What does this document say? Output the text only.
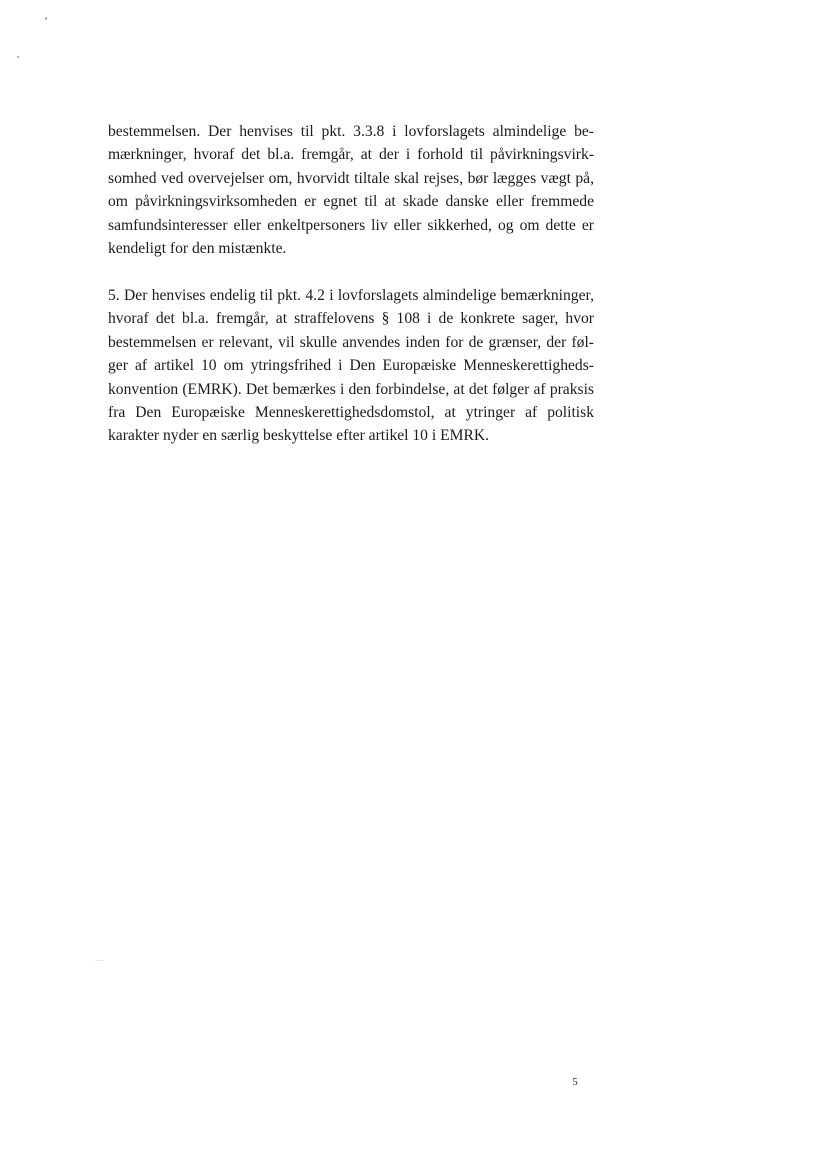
bestemmelsen. Der henvises til pkt. 3.3.8 i lovforslagets almindelige bemærkninger, hvoraf det bl.a. fremgår, at der i forhold til påvirkningsvirksomhed ved overvejelser om, hvorvidt tiltale skal rejses, bør lægges vægt på, om påvirkningsvirksomheden er egnet til at skade danske eller fremmede samfundsinteresser eller enkeltpersoners liv eller sikkerhed, og om dette er kendeligt for den mistænkte.

5. Der henvises endelig til pkt. 4.2 i lovforslagets almindelige bemærkninger, hvoraf det bl.a. fremgår, at straffelovens § 108 i de konkrete sager, hvor bestemmelsen er relevant, vil skulle anvendes inden for de grænser, der følger af artikel 10 om ytringsfrihed i Den Europæiske Menneskerettighedskonvention (EMRK). Det bemærkes i den forbindelse, at det følger af praksis fra Den Europæiske Menneskerettighedsdomstol, at ytringer af politisk karakter nyder en særlig beskyttelse efter artikel 10 i EMRK.

5
